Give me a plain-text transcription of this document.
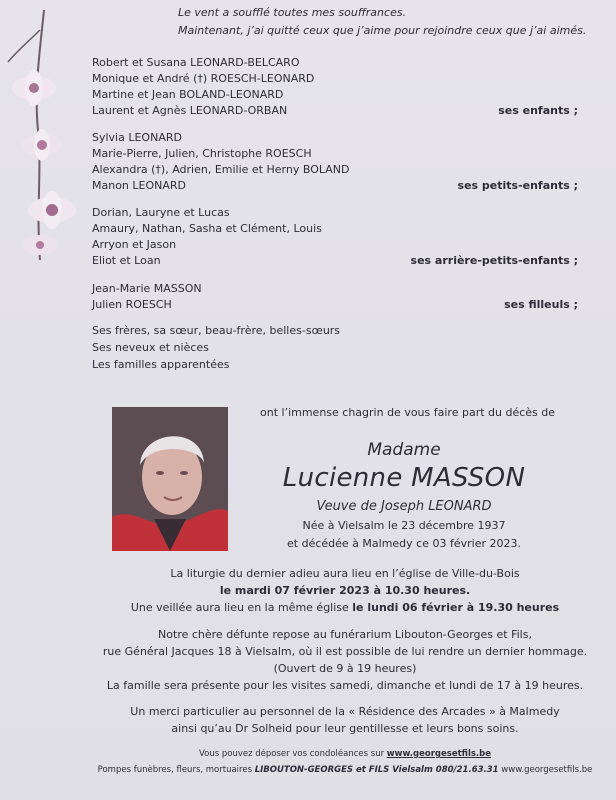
Le vent a soufflé toutes mes souffrances.
Maintenant, j’ai quitté ceux que j’aime pour rejoindre ceux que j’ai aimés.
Robert et Susana LEONARD-BELCARO
Monique et André (†) ROESCH-LEONARD
Martine et Jean BOLAND-LEONARD
Laurent et Agnès LEONARD-ORBAN	ses enfants ;
Sylvia LEONARD
Marie-Pierre, Julien, Christophe ROESCH
Alexandra (†), Adrien, Emilie et Herny BOLAND
Manon LEONARD	ses petits-enfants ;
Dorian, Lauryne et Lucas
Amaury, Nathan, Sasha et Clément, Louis
Arryon et Jason
Eliot et Loan	ses arrière-petits-enfants ;
Jean-Marie MASSON
Julien ROESCH	ses filleuls ;
Ses frères, sa sœur, beau-frère, belles-sœurs
Ses neveux et nièces
Les familles apparentées
ont l’immense chagrin de vous faire part du décès de
Madame
Lucienne MASSON
Veuve de Joseph LEONARD
Née à Vielsalm le 23 décembre 1937
et décédée à Malmedy ce 03 février 2023.
La liturgie du dernier adieu aura lieu en l’église de Ville-du-Bois
le mardi 07 février 2023 à 10.30 heures.
Une veillée aura lieu en la même église le lundi 06 février à 19.30 heures
Notre chère défunte repose au funérarium Libouton-Georges et Fils,
rue Général Jacques 18 à Vielsalm, où il est possible de lui rendre un dernier hommage.
(Ouvert de 9 à 19 heures)
La famille sera présente pour les visites samedi, dimanche et lundi de 17 à 19 heures.
Un merci particulier au personnel de la « Résidence des Arcades » à Malmedy
ainsi qu’au Dr Solheid pour leur gentillesse et leurs bons soins.
Vous pouvez déposer vos condoléances sur www.georgesetfils.be
Pompes funèbres, fleurs, mortuaires LIBOUTON-GEORGES et FILS Vielsalm 080/21.63.31 www.georgesetfils.be
